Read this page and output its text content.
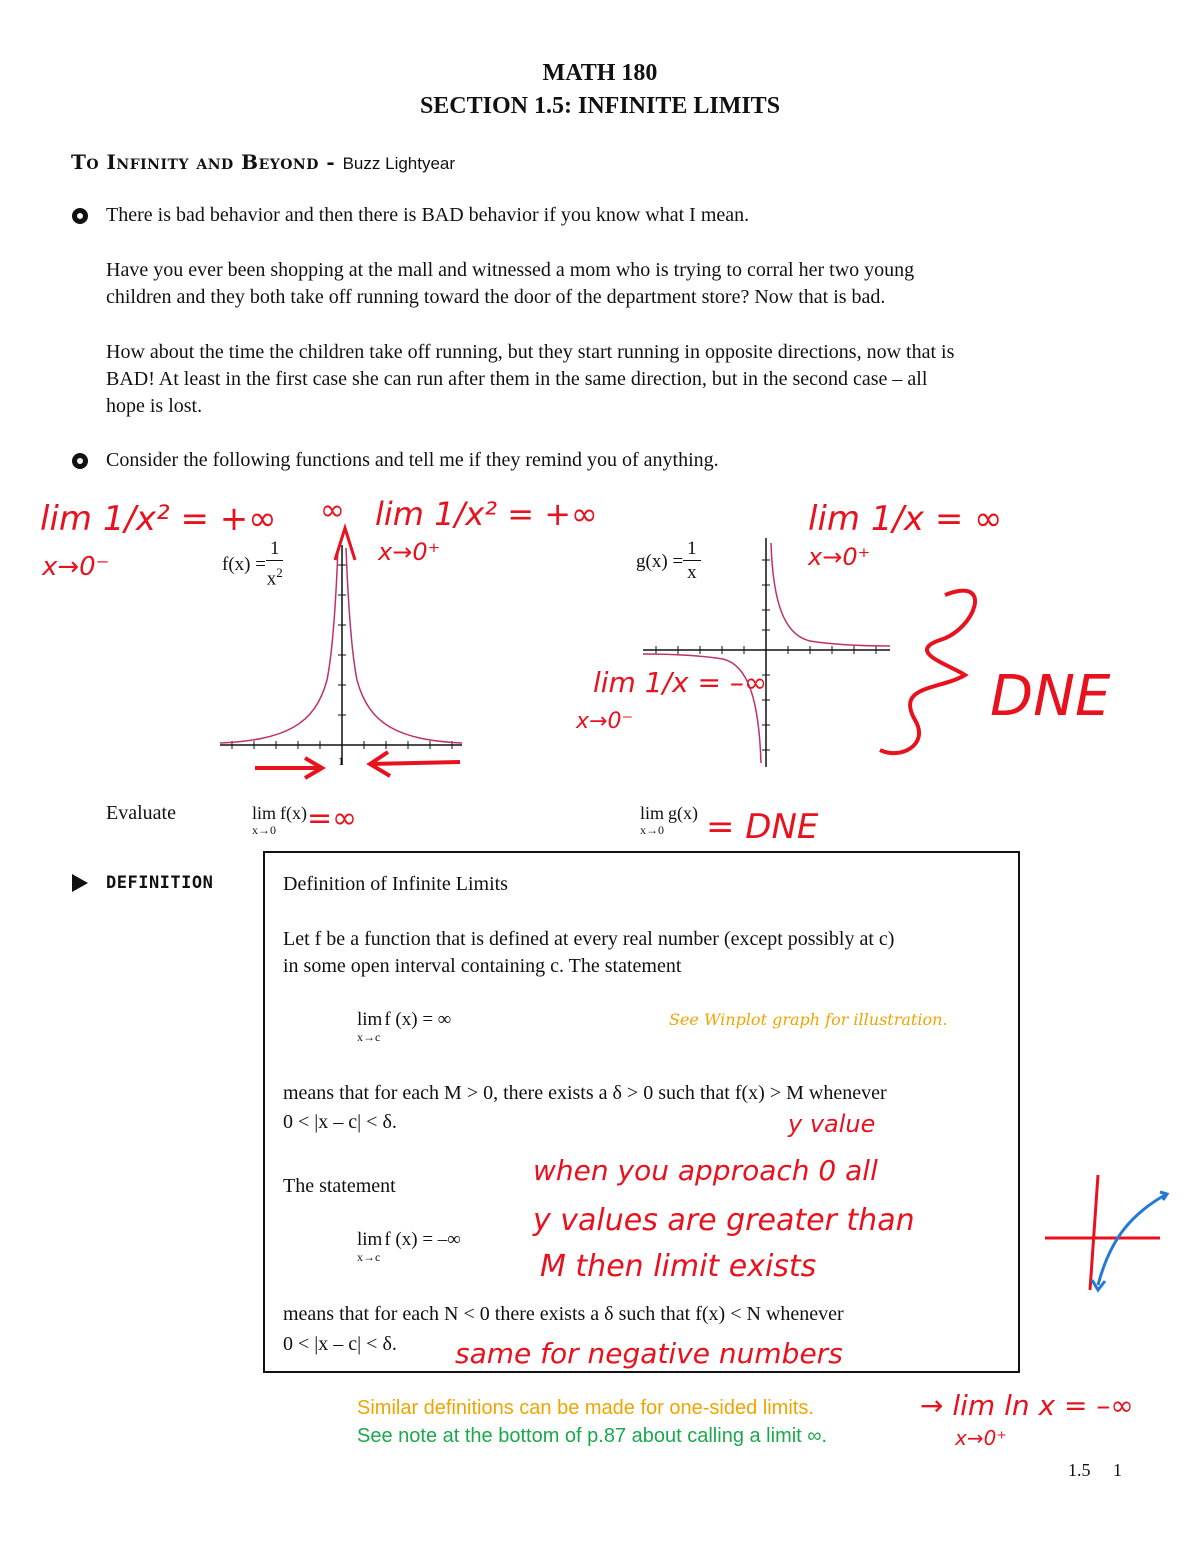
MATH 180
SECTION 1.5: INFINITE LIMITS
To Infinity and Beyond - Buzz Lightyear
There is bad behavior and then there is BAD behavior if you know what I mean.
Have you ever been shopping at the mall and witnessed a mom who is trying to corral her two young
children and they both take off running toward the door of the department store? Now that is bad.
How about the time the children take off running, but they start running in opposite directions, now that is
BAD! At least in the first case she can run after them in the same direction, but in the second case – all
hope is lost.
Consider the following functions and tell me if they remind you of anything.
$f(x) = \frac{1}{x^2}$	$g(x) = \frac{1}{x}$
1
Evaluate	lim
x→0
f(x)	lim
x→0
g(x)
DEFINITION	Definition of Infinite Limits
Let f be a function that is defined at every real number (except possibly at c)
in some open interval containing c. The statement
lim
x→c
f (x) = ∞	See Winplot graph for illustration.
means that for each M > 0, there exists a δ > 0 such that f(x) > M whenever
0 < |x – c| < δ.
The statement
lim
x→c
f (x) = –∞
means that for each N < 0 there exists a δ such that f(x) < N whenever
0 < |x – c| < δ.
Similar definitions can be made for one-sided limits.
See note at the bottom of p.87 about calling a limit ∞.
1.5     1
lim 1/x² = +∞
x→0⁻
∞ lim 1/x² = +∞
x→0⁺
lim 1/x = ∞
x→0⁺
lim 1/x = –∞
x→0⁻	DNE
=∞	= DNE
y value
when you approach 0 all
y values are greater than
M then limit exists
same for negative numbers
→ lim ln x = –∞
x→0⁺
